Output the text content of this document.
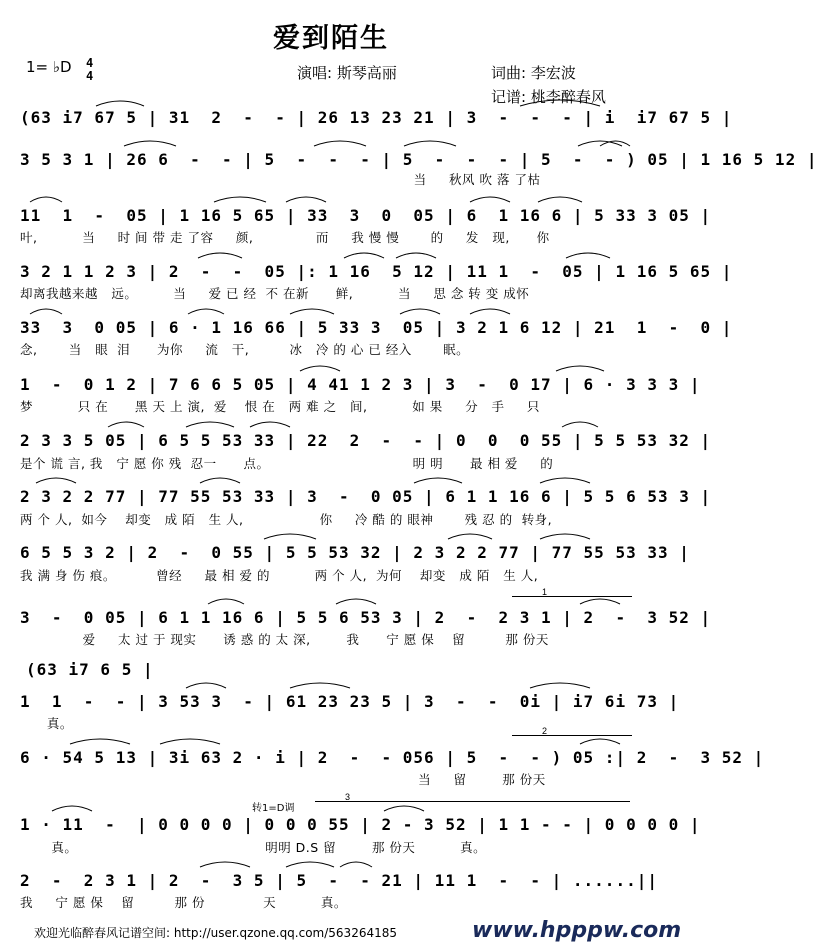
爱到陌生
1= ♭D 4
4	演唱: 斯琴高丽	词曲: 李宏波
记谱: 桃李醉春风
(63 i7 67 5 | 31  2  -  - | 26 13 23 21 | 3  -  -  - | i  i7 67 5 |
3 5 3 1 | 26 6  -  - | 5  -  -  - | 5  -  -  - | 5  -  - ) 05 | 1 16 5 12 |
当     秋风 吹 落 了枯
11  1  -  05 | 1 16 5 65 | 33  3  0  05 | 6  1 16 6 | 5 33 3 05 |
叶,          当     时 间 带 走 了容     颜,              而     我 慢 慢       的     发   现,      你
3 2 1 1 2 3 | 2  -  -  05 |: 1 16  5 12 | 11 1  -  05 | 1 16 5 65 |
却离我越来越   远。        当     爱 已 经  不 在新      鲜,          当     思 念 转 变 成怀
33  3  0 05 | 6 · 1 16 66 | 5 33 3  05 | 3 2 1 6 12 | 21  1  -  0 |
念,       当   眼  泪      为你     流   干,         冰   冷 的 心 已 经入       眠。
1  -  0 1 2 | 7 6 6 5 05 | 4 41 1 2 3 | 3  -  0 17 | 6 · 3 3 3 |
梦          只 在      黑 天 上 演,  爱    恨 在   两 难 之   间,          如 果     分   手     只
2 3 3 5 05 | 6 5 5 53 33 | 22  2  -  - | 0  0  0 55 | 5 5 53 32 |
是个 谎 言, 我   宁 愿 你 残  忍一      点。                                明 明      最 相 爱     的
2 3 2 2 77 | 77 55 53 33 | 3  -  0 05 | 6 1 1 16 6 | 5 5 6 53 3 |
两 个 人,  如今    却变   成 陌   生 人,                 你     冷 酷 的 眼神       残 忍 的  转身,
6 5 5 3 2 | 2  -  0 55 | 5 5 53 32 | 2 3 2 2 77 | 77 55 53 33 |
我 满 身 伤 痕。         曾经     最 相 爱 的          两 个 人,  为何    却变   成 陌   生 人,
3  -  0 05 | 6 1 1 16 6 | 5 5 6 53 3 | 2  -  2 3 1 | 2  -  3 52 |
爱     太 过 于 现实      诱 惑 的 太 深,        我      宁 愿 保    留         那 份天
(63 i7 6 5 |
1  1  -  - | 3 53 3  - | 61 23 23 5 | 3  -  -  0i | i7 6i 73 |
真。
6 · 54 5 13 | 3i 63 2 · i | 2  -  - 056 | 5  -  - ) 05 :| 2  -  3 52 |
当     留        那 份天
转1=D调
1 · 11  -  | 0 0 0 0 | 0 0 0 55 | 2 - 3 52 | 1 1 - - | 0 0 0 0 |
真。                                          明明 D.S 留        那 份天          真。
2  -  2 3 1 | 2  -  3 5 | 5  -  - 21 | 11 1  -  - | ......||
我     宁 愿 保    留         那 份             天          真。
1
2
3
欢迎光临醉春风记谱空间: http://user.qzone.qq.com/563264185	www.hpppw.com
